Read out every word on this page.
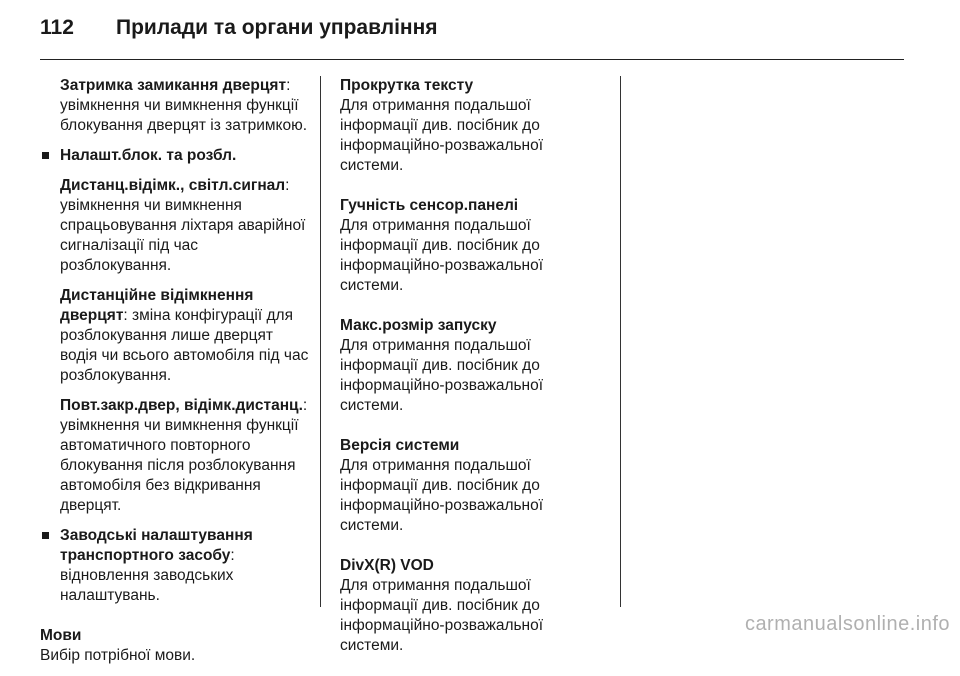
112 Прилади та органи управління
Затримка замикання дверцят: увімкнення чи вимкнення функції блокування дверцят із затримкою.
Налашт.блок. та розбл.
Дистанц.відімк., світл.сигнал: увімкнення чи вимкнення спрацьовування ліхтаря аварійної сигналізації під час розблокування.
Дистанційне відімкнення дверцят: зміна конфігурації для розблокування лише дверцят водія чи всього автомобіля під час розблокування.
Повт.закр.двер, відімк.дистанц.: увімкнення чи вимкнення функції автоматичного повторного блокування після розблокування автомобіля без відкривання дверцят.
Заводські налаштування транспортного засобу: відновлення заводських налаштувань.
Мови
Вибір потрібної мови.
Прокрутка тексту
Для отримання подальшої інформації див. посібник до інформаційно-розважальної системи.
Гучність сенсор.панелі
Для отримання подальшої інформації див. посібник до інформаційно-розважальної системи.
Макс.розмір запуску
Для отримання подальшої інформації див. посібник до інформаційно-розважальної системи.
Версія системи
Для отримання подальшої інформації див. посібник до інформаційно-розважальної системи.
DivX(R) VOD
Для отримання подальшої інформації див. посібник до інформаційно-розважальної системи.
carmanualsonline.info
